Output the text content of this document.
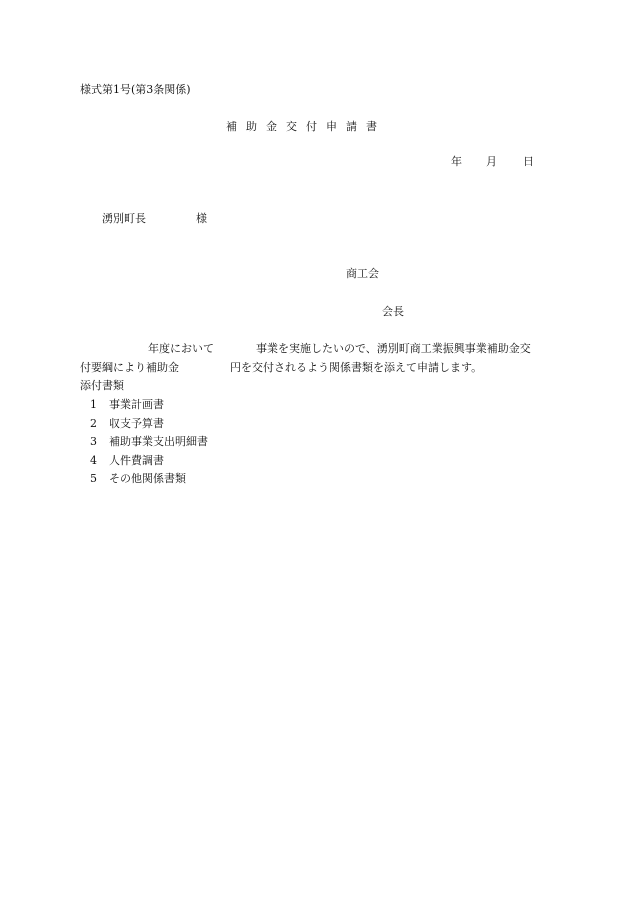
様式第1号(第3条関係)
補助金交付申請書
年 月 日
湧別町長	様
商工会
会長
年度において	事業を実施したいので、湧別町商工業振興事業補助金交
付要綱により補助金	円を交付されるよう関係書類を添えて申請します。
添付書類
1 事業計画書
2 収支予算書
3 補助事業支出明細書
4 人件費調書
5 その他関係書類
